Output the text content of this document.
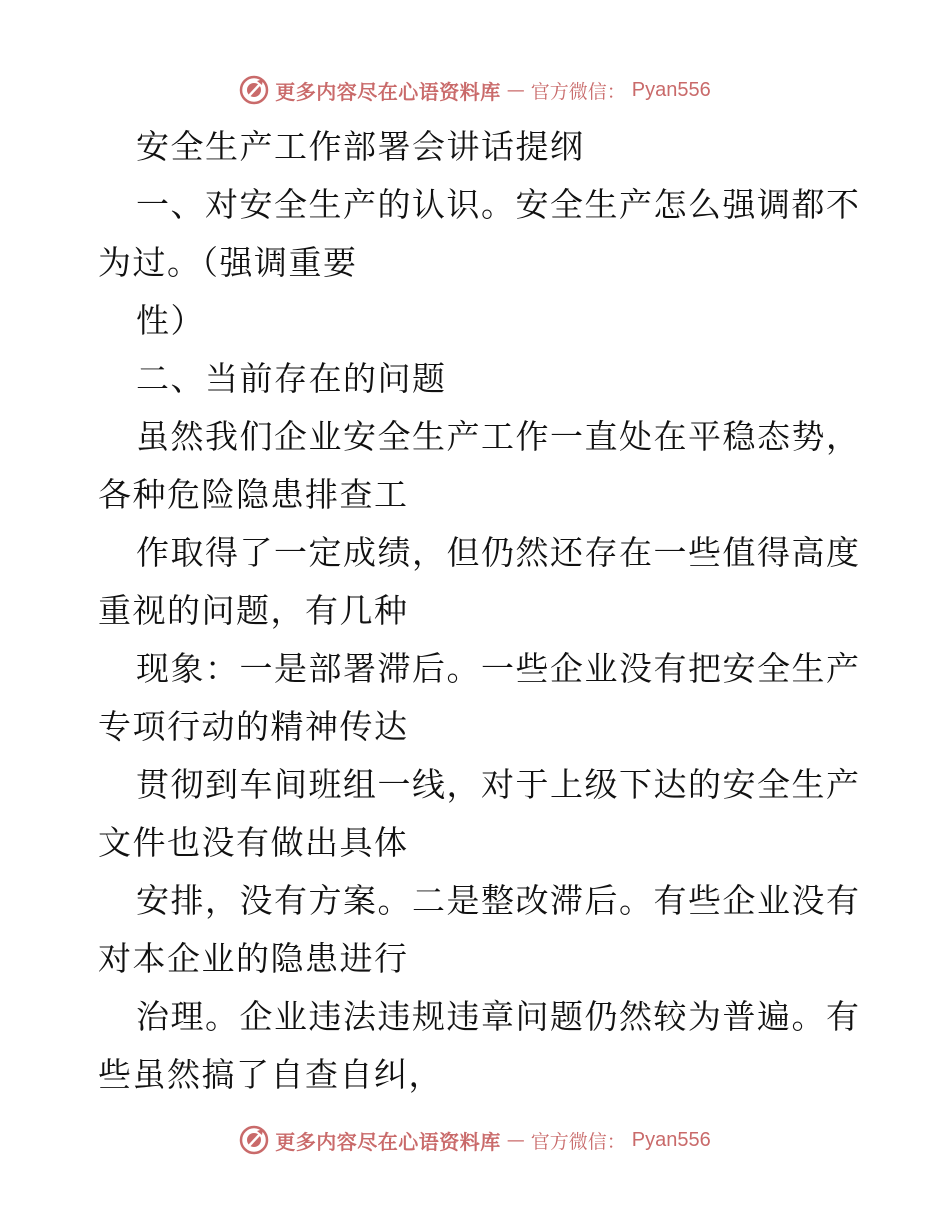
更多内容尽在心语资料库 — 官方微信： Pyan556
安全生产工作部署会讲话提纲
一、对安全生产的认识。安全生产怎么强调都不
为过。（强调重要
性）
二、当前存在的问题
虽然我们企业安全生产工作一直处在平稳态势，
各种危险隐患排查工
作取得了一定成绩，但仍然还存在一些值得高度
重视的问题，有几种
现象：一是部署滞后。一些企业没有把安全生产
专项行动的精神传达
贯彻到车间班组一线，对于上级下达的安全生产
文件也没有做出具体
安排，没有方案。二是整改滞后。有些企业没有
对本企业的隐患进行
治理。企业违法违规违章问题仍然较为普遍。有
些虽然搞了自查自纠，
更多内容尽在心语资料库 — 官方微信： Pyan556
